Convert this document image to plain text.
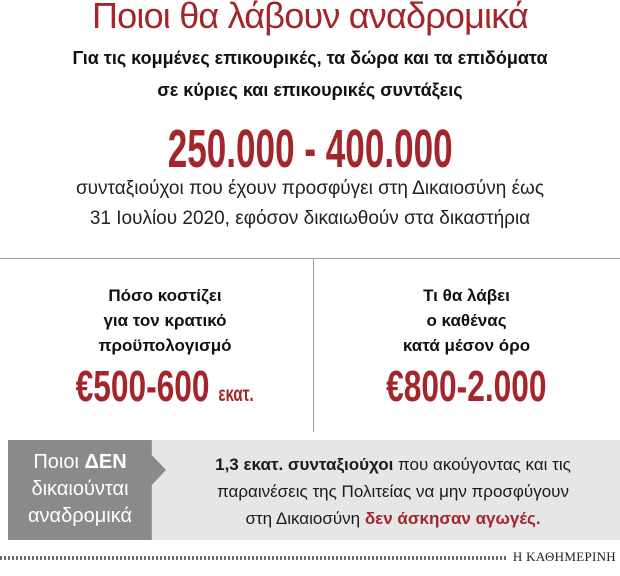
Ποιοι θα λάβουν αναδρομικά
Για τις κομμένες επικουρικές, τα δώρα και τα επιδόματα
σε κύριες και επικουρικές συντάξεις
250.000 - 400.000
συνταξιούχοι που έχουν προσφύγει στη Δικαιοσύνη έως
31 Ιουλίου 2020, εφόσον δικαιωθούν στα δικαστήρια
Πόσο κοστίζει
για τον κρατικό
προϋπολογισμό
€500-600 εκατ.
Τι θα λάβει
ο καθένας
κατά μέσον όρο
€800-2.000
Ποιοι ΔΕΝ
δικαιούνται
αναδρομικά
1,3 εκατ. συνταξιούχοι που ακούγοντας και τις
παραινέσεις της Πολιτείας να μην προσφύγουν
στη Δικαιοσύνη δεν άσκησαν αγωγές.
Η ΚΑΘΗΜΕΡΙΝΗ
